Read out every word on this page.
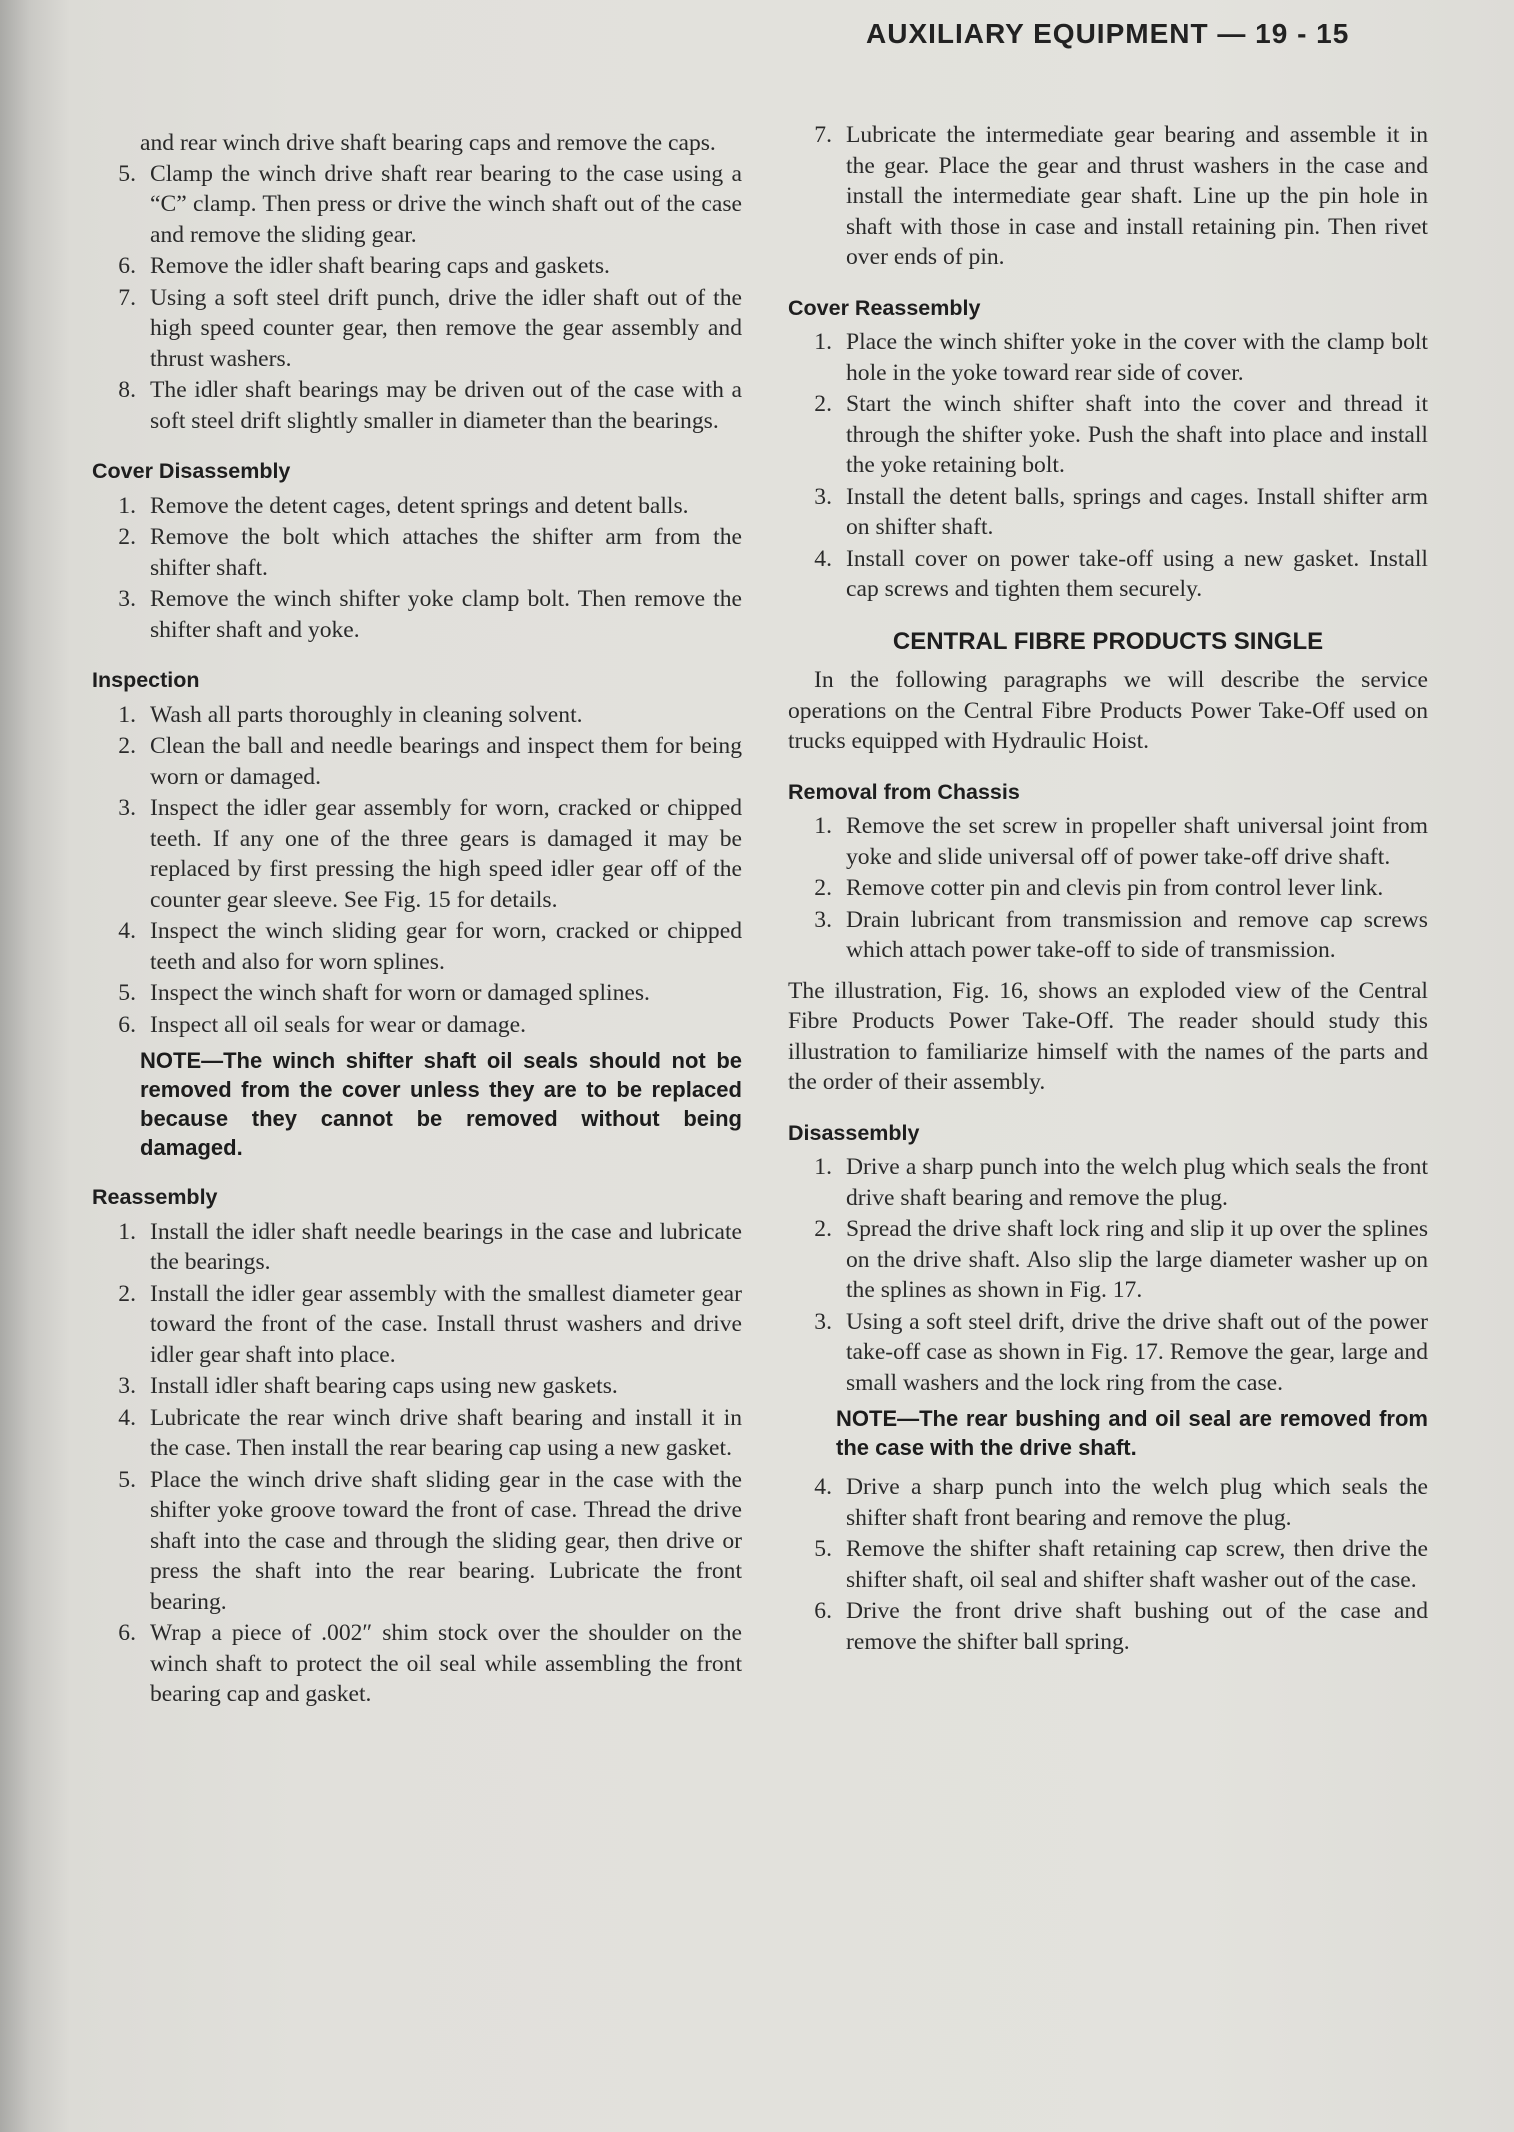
AUXILIARY EQUIPMENT — 19 - 15
and rear winch drive shaft bearing caps and remove the caps.
5. Clamp the winch drive shaft rear bearing to the case using a “C” clamp. Then press or drive the winch shaft out of the case and remove the sliding gear.
6. Remove the idler shaft bearing caps and gaskets.
7. Using a soft steel drift punch, drive the idler shaft out of the high speed counter gear, then remove the gear assembly and thrust washers.
8. The idler shaft bearings may be driven out of the case with a soft steel drift slightly smaller in diameter than the bearings.
Cover Disassembly
1. Remove the detent cages, detent springs and detent balls.
2. Remove the bolt which attaches the shifter arm from the shifter shaft.
3. Remove the winch shifter yoke clamp bolt. Then remove the shifter shaft and yoke.
Inspection
1. Wash all parts thoroughly in cleaning solvent.
2. Clean the ball and needle bearings and inspect them for being worn or damaged.
3. Inspect the idler gear assembly for worn, cracked or chipped teeth. If any one of the three gears is damaged it may be replaced by first pressing the high speed idler gear off of the counter gear sleeve. See Fig. 15 for details.
4. Inspect the winch sliding gear for worn, cracked or chipped teeth and also for worn splines.
5. Inspect the winch shaft for worn or damaged splines.
6. Inspect all oil seals for wear or damage.
NOTE—The winch shifter shaft oil seals should not be removed from the cover unless they are to be replaced because they cannot be removed without being damaged.
Reassembly
1. Install the idler shaft needle bearings in the case and lubricate the bearings.
2. Install the idler gear assembly with the smallest diameter gear toward the front of the case. Install thrust washers and drive idler gear shaft into place.
3. Install idler shaft bearing caps using new gaskets.
4. Lubricate the rear winch drive shaft bearing and install it in the case. Then install the rear bearing cap using a new gasket.
5. Place the winch drive shaft sliding gear in the case with the shifter yoke groove toward the front of case. Thread the drive shaft into the case and through the sliding gear, then drive or press the shaft into the rear bearing. Lubricate the front bearing.
6. Wrap a piece of .002″ shim stock over the shoulder on the winch shaft to protect the oil seal while assembling the front bearing cap and gasket.
7. Lubricate the intermediate gear bearing and assemble it in the gear. Place the gear and thrust washers in the case and install the intermediate gear shaft. Line up the pin hole in shaft with those in case and install retaining pin. Then rivet over ends of pin.
Cover Reassembly
1. Place the winch shifter yoke in the cover with the clamp bolt hole in the yoke toward rear side of cover.
2. Start the winch shifter shaft into the cover and thread it through the shifter yoke. Push the shaft into place and install the yoke retaining bolt.
3. Install the detent balls, springs and cages. Install shifter arm on shifter shaft.
4. Install cover on power take-off using a new gasket. Install cap screws and tighten them securely.
CENTRAL FIBRE PRODUCTS SINGLE
In the following paragraphs we will describe the service operations on the Central Fibre Products Power Take-Off used on trucks equipped with Hydraulic Hoist.
Removal from Chassis
1. Remove the set screw in propeller shaft universal joint from yoke and slide universal off of power take-off drive shaft.
2. Remove cotter pin and clevis pin from control lever link.
3. Drain lubricant from transmission and remove cap screws which attach power take-off to side of transmission.
The illustration, Fig. 16, shows an exploded view of the Central Fibre Products Power Take-Off. The reader should study this illustration to familiarize himself with the names of the parts and the order of their assembly.
Disassembly
1. Drive a sharp punch into the welch plug which seals the front drive shaft bearing and remove the plug.
2. Spread the drive shaft lock ring and slip it up over the splines on the drive shaft. Also slip the large diameter washer up on the splines as shown in Fig. 17.
3. Using a soft steel drift, drive the drive shaft out of the power take-off case as shown in Fig. 17. Remove the gear, large and small washers and the lock ring from the case.
NOTE—The rear bushing and oil seal are removed from the case with the drive shaft.
4. Drive a sharp punch into the welch plug which seals the shifter shaft front bearing and remove the plug.
5. Remove the shifter shaft retaining cap screw, then drive the shifter shaft, oil seal and shifter shaft washer out of the case.
6. Drive the front drive shaft bushing out of the case and remove the shifter ball spring.
